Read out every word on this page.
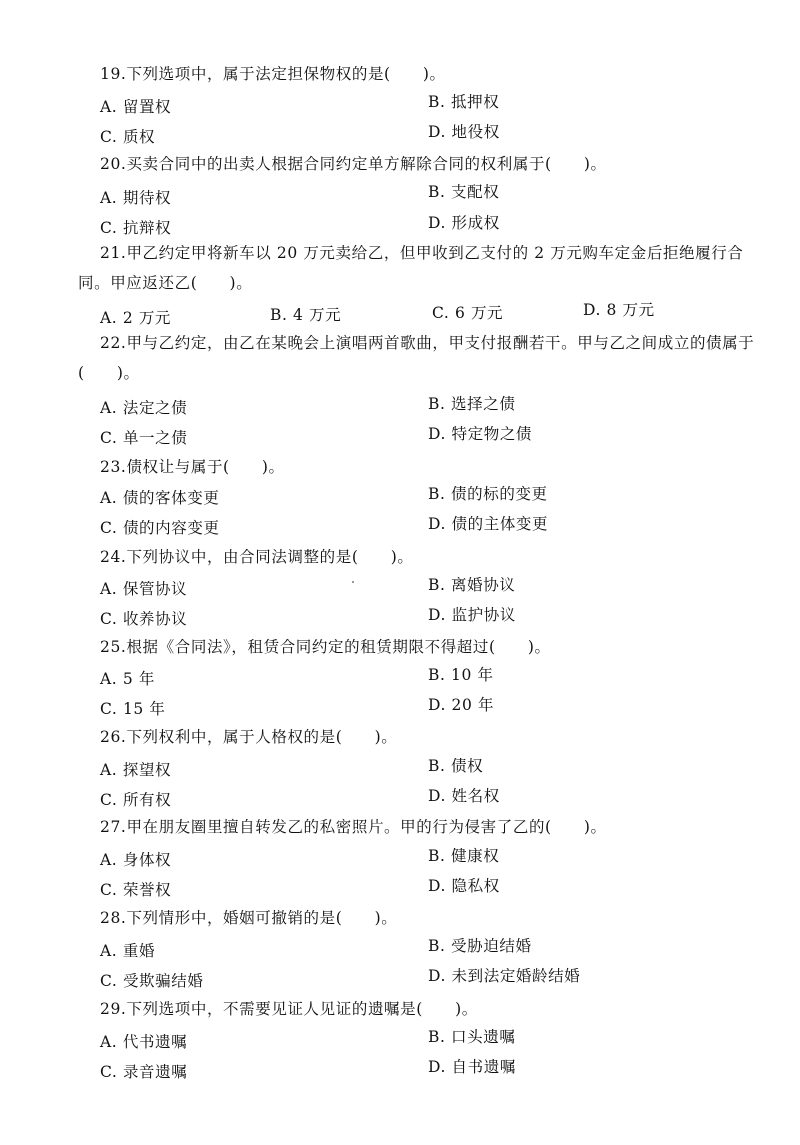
19.下列选项中，属于法定担保物权的是(　　)。
A. 留置权	B. 抵押权
C. 质权	D. 地役权
20.买卖合同中的出卖人根据合同约定单方解除合同的权利属于(　　)。
A. 期待权	B. 支配权
C. 抗辩权	D. 形成权
21.甲乙约定甲将新车以 20 万元卖给乙，但甲收到乙支付的 2 万元购车定金后拒绝履行合同。甲应返还乙(　　)。
A. 2 万元	B. 4 万元	C. 6 万元	D. 8 万元
22.甲与乙约定，由乙在某晚会上演唱两首歌曲，甲支付报酬若干。甲与乙之间成立的债属于(　　)。
A. 法定之债	B. 选择之债
C. 单一之债	D. 特定物之债
23.债权让与属于(　　)。
A. 债的客体变更	B. 债的标的变更
C. 债的内容变更	D. 债的主体变更
24.下列协议中，由合同法调整的是(　　)。
A. 保管协议	B. 离婚协议
C. 收养协议	D. 监护协议
25.根据《合同法》，租赁合同约定的租赁期限不得超过(　　)。
A. 5 年	B. 10 年
C. 15 年	D. 20 年
26.下列权利中，属于人格权的是(　　)。
A. 探望权	B. 债权
C. 所有权	D. 姓名权
27.甲在朋友圈里擅自转发乙的私密照片。甲的行为侵害了乙的(　　)。
A. 身体权	B. 健康权
C. 荣誉权	D. 隐私权
28.下列情形中，婚姻可撤销的是(　　)。
A. 重婚	B. 受胁迫结婚
C. 受欺骗结婚	D. 未到法定婚龄结婚
29.下列选项中，不需要见证人见证的遗嘱是(　　)。
A. 代书遗嘱	B. 口头遗嘱
C. 录音遗嘱	D. 自书遗嘱
